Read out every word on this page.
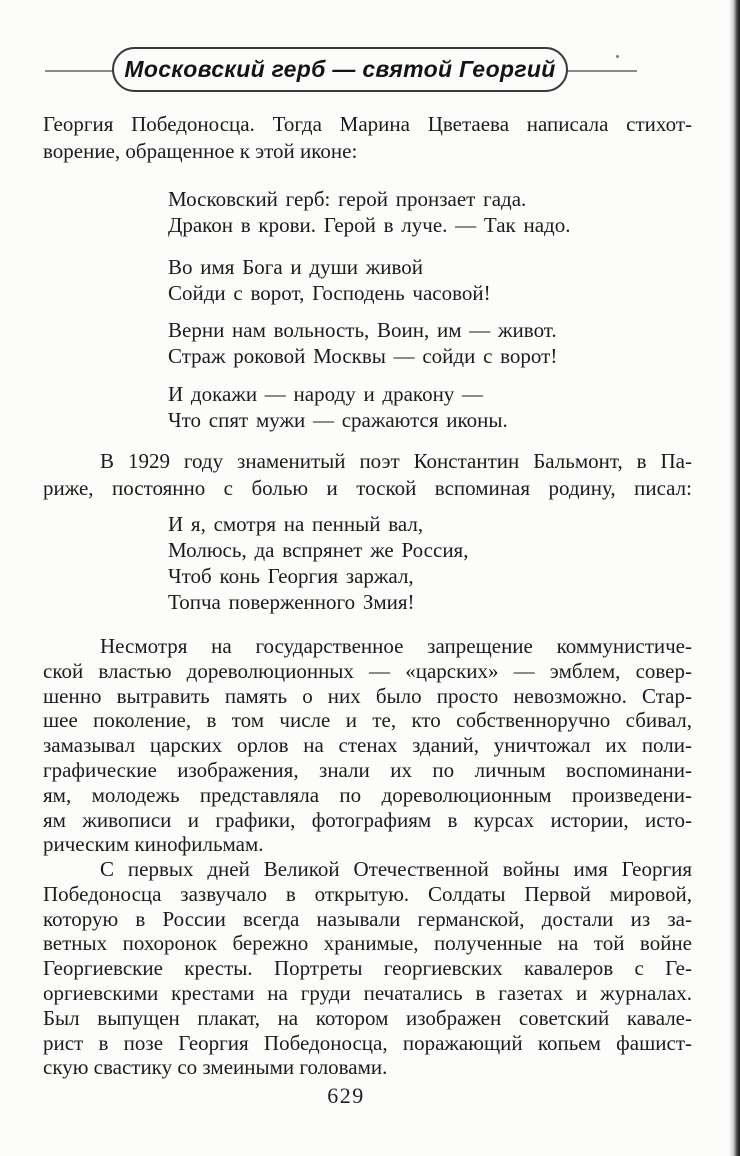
Московский герб — святой Георгий
Георгия Победоносца. Тогда Марина Цветаева написала стихот-
ворение, обращенное к этой иконе:
Московский герб: герой пронзает гада.
Дракон в крови. Герой в луче. — Так надо.
Во имя Бога и души живой
Сойди с ворот, Господень часовой!
Верни нам вольность, Воин, им — живот.
Страж роковой Москвы — сойди с ворот!
И докажи — народу и дракону —
Что спят мужи — сражаются иконы.
В 1929 году знаменитый поэт Константин Бальмонт, в Па-
риже, постоянно с болью и тоской вспоминая родину, писал:
И я, смотря на пенный вал,
Молюсь, да вспрянет же Россия,
Чтоб конь Георгия заржал,
Топча поверженного Змия!
Несмотря на государственное запрещение коммунистиче-
ской властью дореволюционных — «царских» — эмблем, совер-
шенно вытравить память о них было просто невозможно. Стар-
шее поколение, в том числе и те, кто собственноручно сбивал,
замазывал царских орлов на стенах зданий, уничтожал их поли-
графические изображения, знали их по личным воспоминани-
ям, молодежь представляла по дореволюционным произведени-
ям живописи и графики, фотографиям в курсах истории, исто-
рическим кинофильмам.
С первых дней Великой Отечественной войны имя Георгия
Победоносца зазвучало в открытую. Солдаты Первой мировой,
которую в России всегда называли германской, достали из за-
ветных похоронок бережно хранимые, полученные на той войне
Георгиевские кресты. Портреты георгиевских кавалеров с Ге-
оргиевскими крестами на груди печатались в газетах и журналах.
Был выпущен плакат, на котором изображен советский кавале-
рист в позе Георгия Победоносца, поражающий копьем фашист-
скую свастику со змеиными головами.
629
